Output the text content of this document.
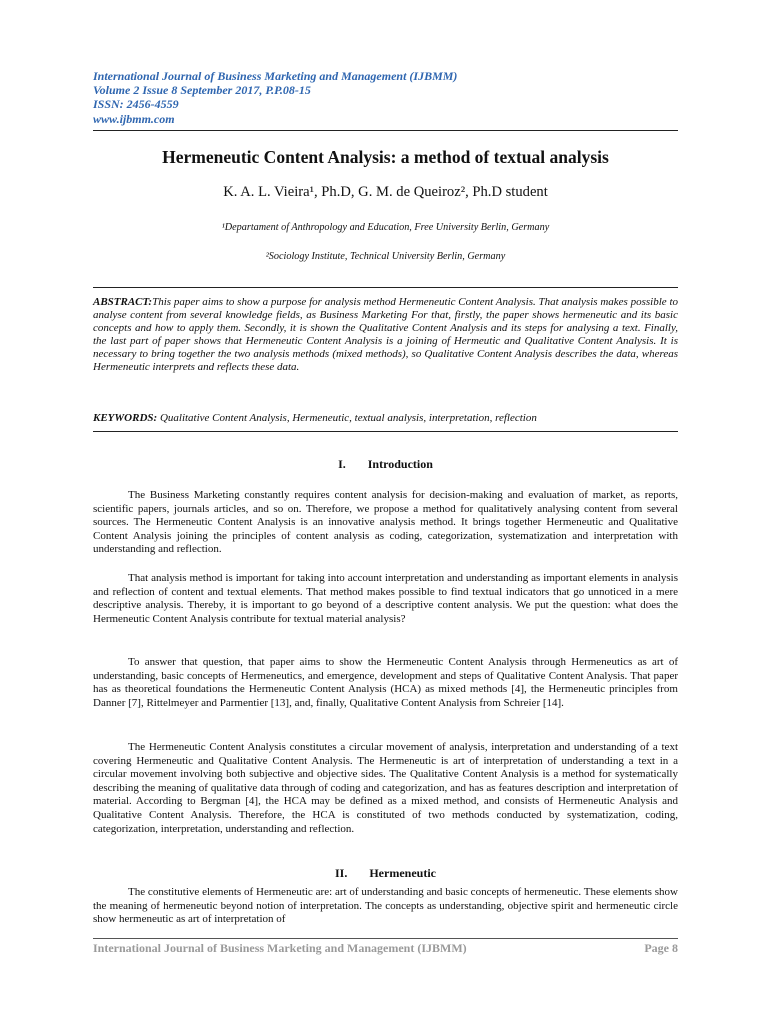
International Journal of Business Marketing and Management (IJBMM)
Volume 2 Issue 8 September 2017, P.P.08-15
ISSN: 2456-4559
www.ijbmm.com
Hermeneutic Content Analysis: a method of textual analysis
K. A. L. Vieira¹, Ph.D, G. M. de Queiroz², Ph.D student
¹Departament of Anthropology and Education, Free University Berlin, Germany
²Sociology Institute, Technical University Berlin, Germany
ABSTRACT:This paper aims to show a purpose for analysis method Hermeneutic Content Analysis. That analysis makes possible to analyse content from several knowledge fields, as Business Marketing For that, firstly, the paper shows hermeneutic and its basic concepts and how to apply them. Secondly, it is shown the Qualitative Content Analysis and its steps for analysing a text. Finally, the last part of paper shows that Hermeneutic Content Analysis is a joining of Hermeutic and Qualitative Content Analysis. It is necessary to bring together the two analysis methods (mixed methods), so Qualitative Content Analysis describes the data, whereas Hermeneutic interprets and reflects these data.
KEYWORDS: Qualitative Content Analysis, Hermeneutic, textual analysis, interpretation, reflection
I. Introduction
The Business Marketing constantly requires content analysis for decision-making and evaluation of market, as reports, scientific papers, journals articles, and so on. Therefore, we propose a method for qualitatively analysing content from several sources. The Hermeneutic Content Analysis is an innovative analysis method. It brings together Hermeneutic and Qualitative Content Analysis joining the principles of content analysis as coding, categorization, systematization and interpretation with understanding and reflection.
That analysis method is important for taking into account interpretation and understanding as important elements in analysis and reflection of content and textual elements. That method makes possible to find textual indicators that go unnoticed in a mere descriptive analysis. Thereby, it is important to go beyond of a descriptive content analysis. We put the question: what does the Hermeneutic Content Analysis contribute for textual material analysis?
To answer that question, that paper aims to show the Hermeneutic Content Analysis through Hermeneutics as art of understanding, basic concepts of Hermeneutics, and emergence, development and steps of Qualitative Content Analysis. That paper has as theoretical foundations the Hermeneutic Content Analysis (HCA) as mixed methods [4], the Hermeneutic principles from Danner [7], Rittelmeyer and Parmentier [13], and, finally, Qualitative Content Analysis from Schreier [14].
The Hermeneutic Content Analysis constitutes a circular movement of analysis, interpretation and understanding of a text covering Hermeneutic and Qualitative Content Analysis. The Hermeneutic is art of interpretation of understanding a text in a circular movement involving both subjective and objective sides. The Qualitative Content Analysis is a method for systematically describing the meaning of qualitative data through of coding and categorization, and has as features description and interpretation of material. According to Bergman [4], the HCA may be defined as a mixed method, and consists of Hermeneutic Analysis and Qualitative Content Analysis. Therefore, the HCA is constituted of two methods conducted by systematization, coding, categorization, interpretation, understanding and reflection.
II. Hermeneutic
The constitutive elements of Hermeneutic are: art of understanding and basic concepts of hermeneutic. These elements show the meaning of hermeneutic beyond notion of interpretation. The concepts as understanding, objective spirit and hermeneutic circle show hermeneutic as art of interpretation of
International Journal of Business Marketing and Management (IJBMM)	Page 8
